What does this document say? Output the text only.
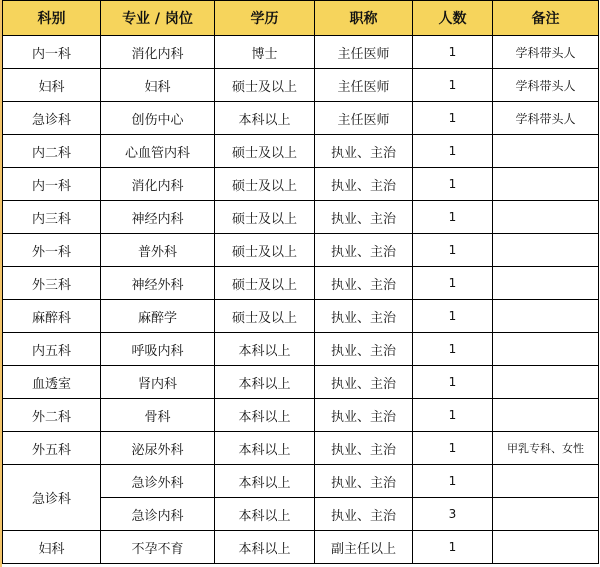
科别	专业 / 岗位	学历	职称	人数	备注
内一科	消化内科	博士	主任医师	1	学科带头人
妇科	妇科	硕士及以上	主任医师	1	学科带头人
急诊科	创伤中心	本科以上	主任医师	1	学科带头人
内二科	心血管内科	硕士及以上	执业、主治	1	
内一科	消化内科	硕士及以上	执业、主治	1	
内三科	神经内科	硕士及以上	执业、主治	1	
外一科	普外科	硕士及以上	执业、主治	1	
外三科	神经外科	硕士及以上	执业、主治	1	
麻醉科	麻醉学	硕士及以上	执业、主治	1	
内五科	呼吸内科	本科以上	执业、主治	1	
血透室	肾内科	本科以上	执业、主治	1	
外二科	骨科	本科以上	执业、主治	1	
外五科	泌尿外科	本科以上	执业、主治	1	甲乳专科、女性
急诊科	急诊外科	本科以上	执业、主治	1	
	急诊内科	本科以上	执业、主治	3	
妇科	不孕不育	本科以上	副主任以上	1	
